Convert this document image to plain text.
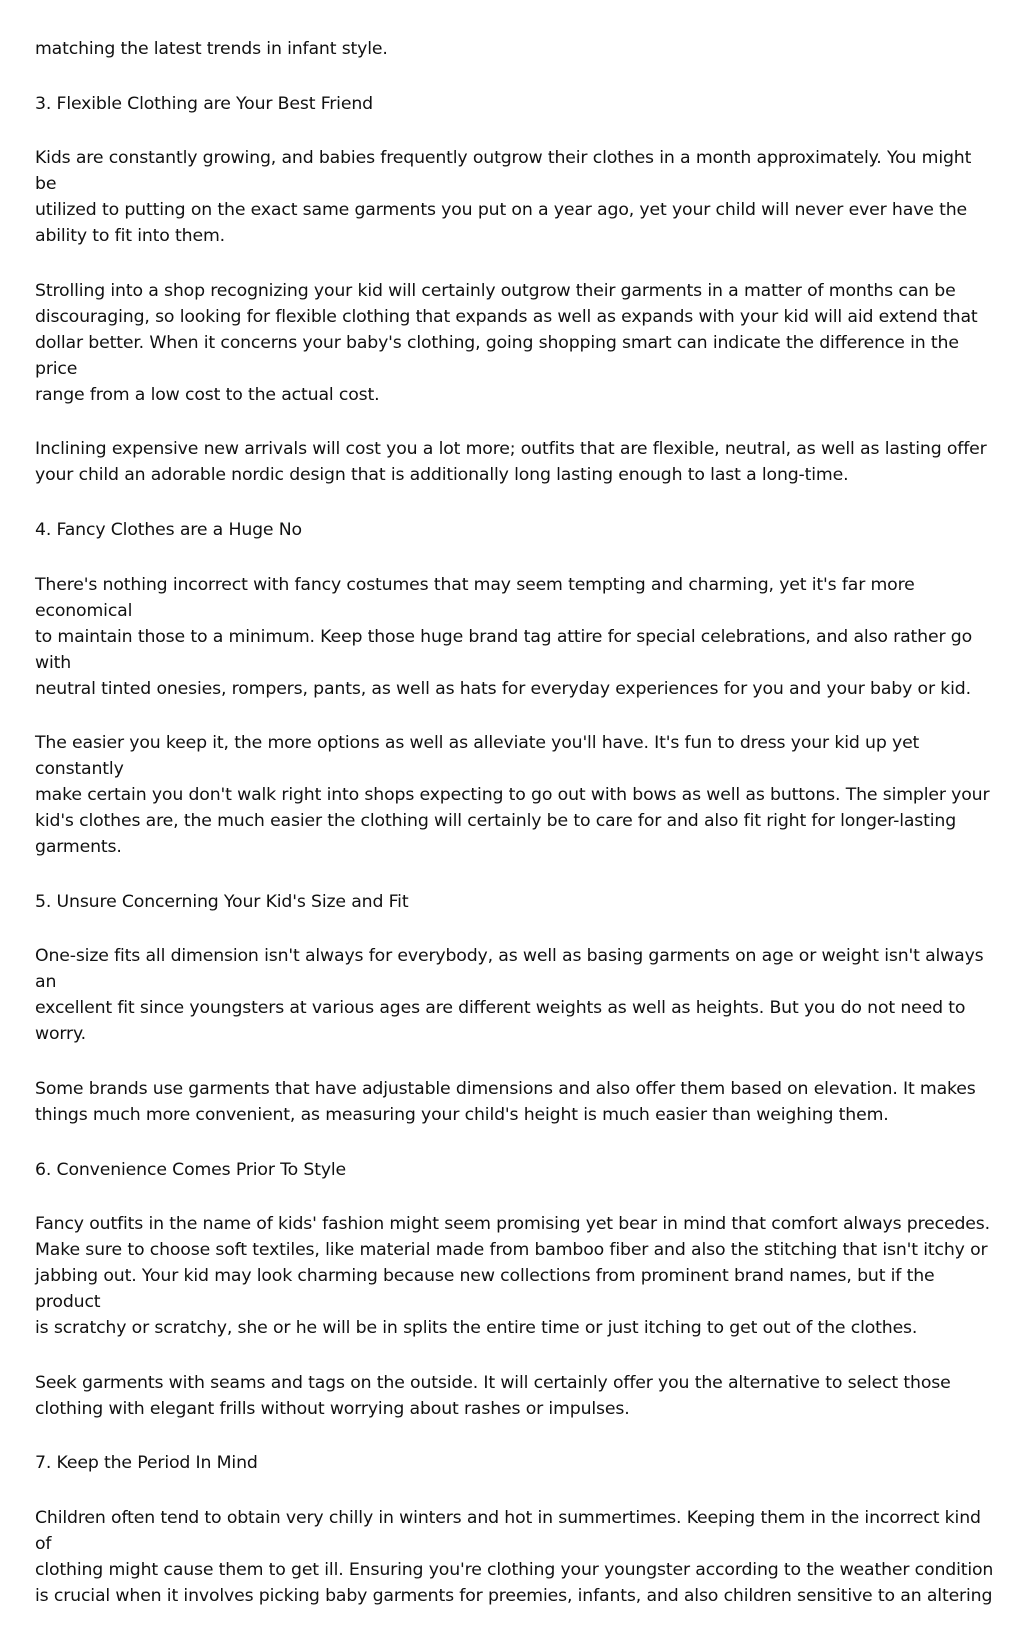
matching the latest trends in infant style.

3. Flexible Clothing are Your Best Friend

Kids are constantly growing, and babies frequently outgrow their clothes in a month approximately. You might be

utilized to putting on the exact same garments you put on a year ago, yet your child will never ever have the

ability to fit into them.

Strolling into a shop recognizing your kid will certainly outgrow their garments in a matter of months can be

discouraging, so looking for flexible clothing that expands as well as expands with your kid will aid extend that

dollar better. When it concerns your baby's clothing, going shopping smart can indicate the difference in the price

range from a low cost to the actual cost.

Inclining expensive new arrivals will cost you a lot more; outfits that are flexible, neutral, as well as lasting offer

your child an adorable nordic design that is additionally long lasting enough to last a long-time.

4. Fancy Clothes are a Huge No

There's nothing incorrect with fancy costumes that may seem tempting and charming, yet it's far more economical

to maintain those to a minimum. Keep those huge brand tag attire for special celebrations, and also rather go with

neutral tinted onesies, rompers, pants, as well as hats for everyday experiences for you and your baby or kid.

The easier you keep it, the more options as well as alleviate you'll have. It's fun to dress your kid up yet constantly

make certain you don't walk right into shops expecting to go out with bows as well as buttons. The simpler your

kid's clothes are, the much easier the clothing will certainly be to care for and also fit right for longer-lasting

garments.

5. Unsure Concerning Your Kid's Size and Fit

One-size fits all dimension isn't always for everybody, as well as basing garments on age or weight isn't always an

excellent fit since youngsters at various ages are different weights as well as heights. But you do not need to

worry.

Some brands use garments that have adjustable dimensions and also offer them based on elevation. It makes

things much more convenient, as measuring your child's height is much easier than weighing them.

6. Convenience Comes Prior To Style

Fancy outfits in the name of kids' fashion might seem promising yet bear in mind that comfort always precedes.

Make sure to choose soft textiles, like material made from bamboo fiber and also the stitching that isn't itchy or

jabbing out. Your kid may look charming because new collections from prominent brand names, but if the product

is scratchy or scratchy, she or he will be in splits the entire time or just itching to get out of the clothes.

Seek garments with seams and tags on the outside. It will certainly offer you the alternative to select those

clothing with elegant frills without worrying about rashes or impulses.

7. Keep the Period In Mind

Children often tend to obtain very chilly in winters and hot in summertimes. Keeping them in the incorrect kind of

clothing might cause them to get ill. Ensuring you're clothing your youngster according to the weather condition

is crucial when it involves picking baby garments for preemies, infants, and also children sensitive to an altering
